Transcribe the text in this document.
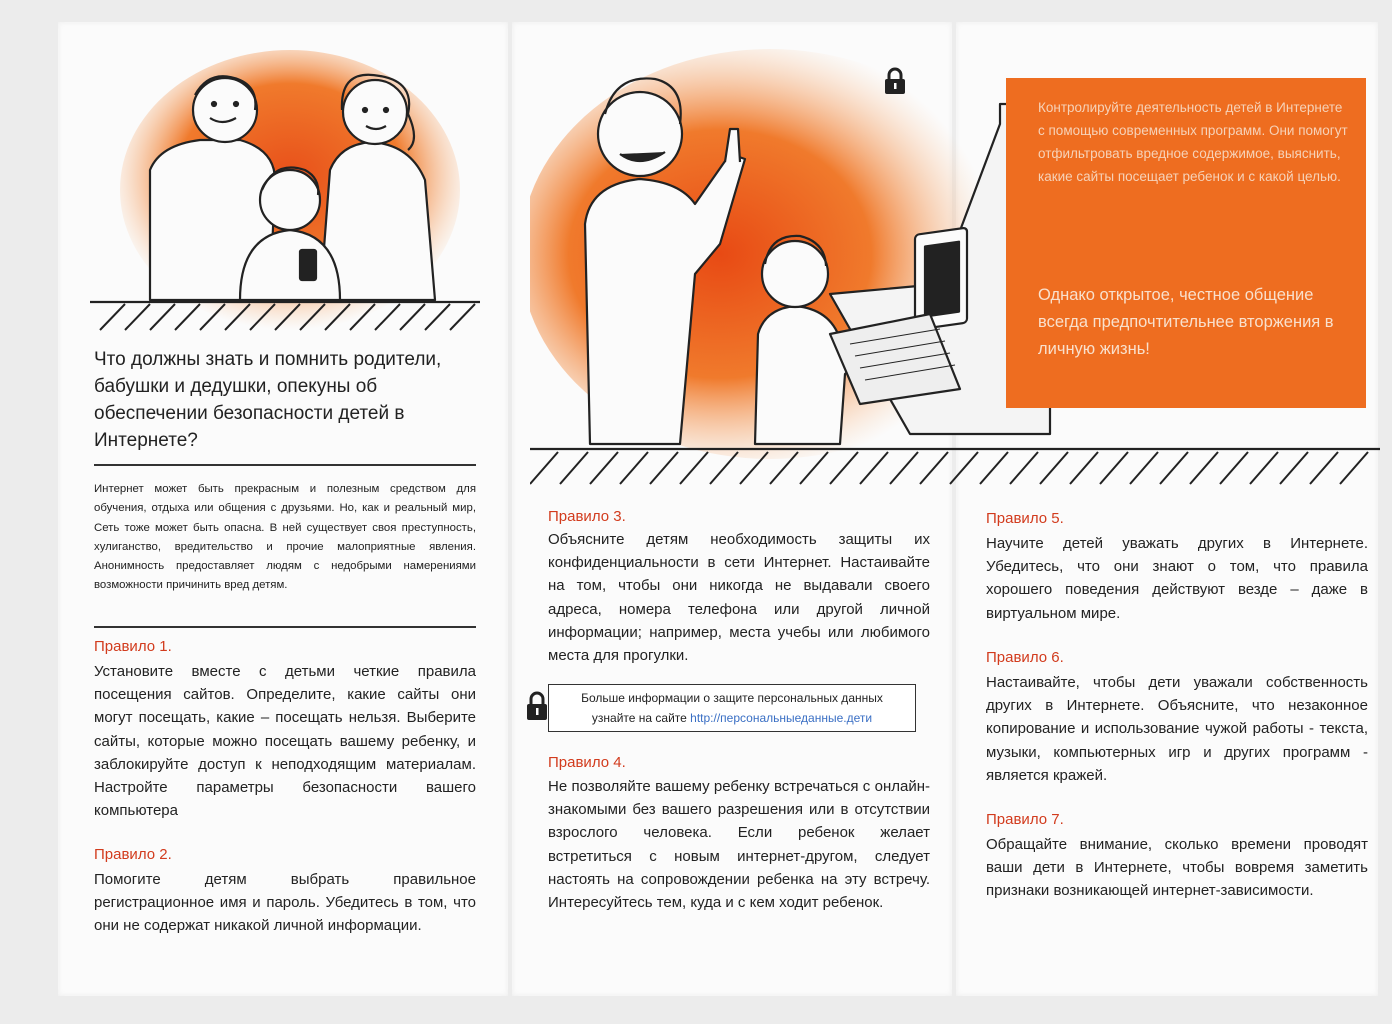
Что должны знать и помнить родители, бабушки и дедушки, опекуны об обеспечении безопасности детей в Интернете?

Интернет может быть прекрасным и полезным средством для обучения, отдыха или общения с друзьями. Но, как и реальный мир, Сеть тоже может быть опасна. В ней существует своя преступность, хулиганство, вредительство и прочие малоприятные явления. Анонимность предоставляет людям с недобрыми намерениями возможности причинить вред детям.

Правило 1.

Установите вместе с детьми четкие правила посещения сайтов. Определите, какие сайты они могут посещать, какие – посещать нельзя. Выберите сайты, которые можно посещать вашему ребенку, и заблокируйте доступ к неподходящим материалам. Настройте параметры безопасности вашего компьютера

Правило 2.

Помогите детям выбрать правильное регистрационное имя и пароль. Убедитесь в том, что они не содержат никакой личной информации.

Контролируйте деятельность детей в Интернете с помощью современных программ. Они помогут отфильтровать вредное содержимое, выяснить, какие сайты посещает ребенок и с какой целью.

Однако открытое, честное общение всегда предпочтительнее вторжения в личную жизнь!

Правило 3.

Объясните детям необходимость защиты их конфиденциальности в сети Интернет. Настаивайте на том, чтобы они никогда не выдавали своего адреса, номера телефона или другой личной информации; например, места учебы или любимого места для прогулки.

Больше информации о защите персональных данных
узнайте на сайте http://персональныеданные.дети

Правило 4.

Не позволяйте вашему ребенку встречаться с онлайн-знакомыми без вашего разрешения или в отсутствии взрослого человека. Если ребенок желает встретиться с новым интернет-другом, следует настоять на сопровождении ребенка на эту встречу. Интересуйтесь тем, куда и с кем ходит ребенок.

Правило 5.

Научите детей уважать других в Интернете. Убедитесь, что они знают о том, что правила хорошего поведения действуют везде – даже в виртуальном мире.

Правило 6.

Настаивайте, чтобы дети уважали собственность других в Интернете. Объясните, что незаконное копирование и использование чужой работы - текста, музыки, компьютерных игр и других программ - является кражей.

Правило 7.

Обращайте внимание, сколько времени проводят ваши дети в Интернете, чтобы вовремя заметить признаки возникающей интернет-зависимости.
